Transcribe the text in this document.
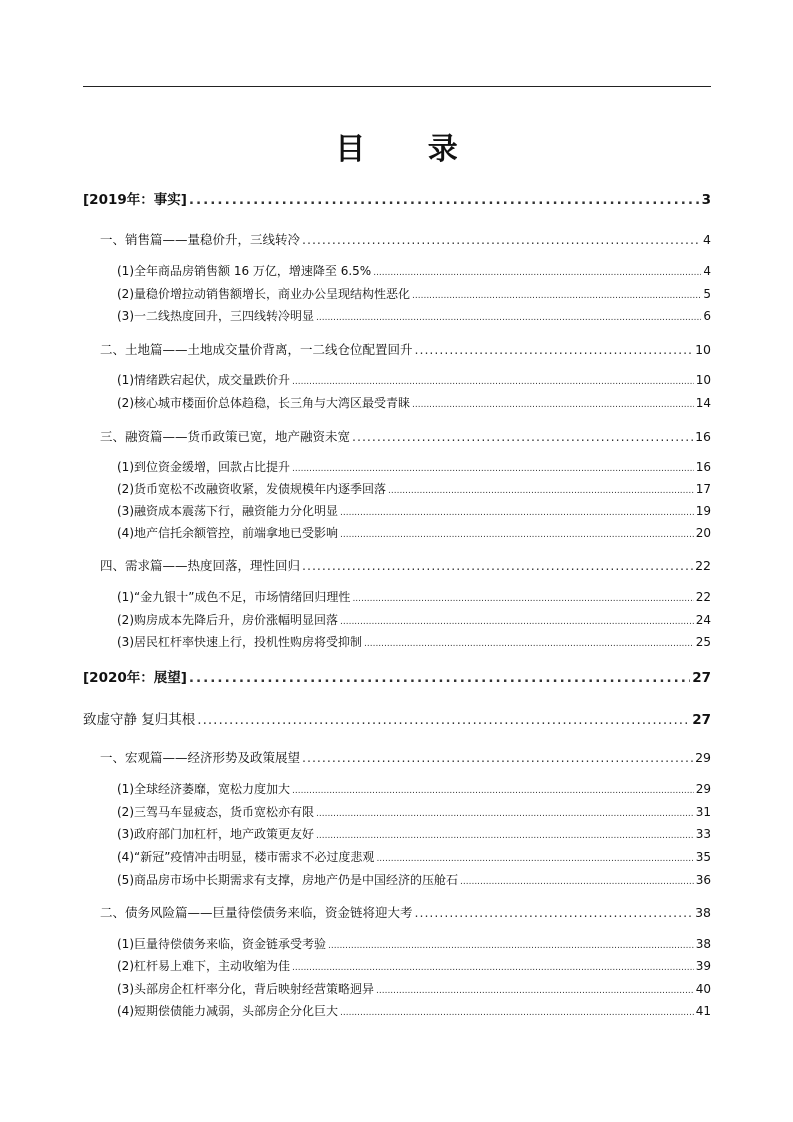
目 录
[2019年：事实] .....	3
一、销售篇——量稳价升，三线转冷 .....	4
(1)全年商品房销售额 16 万亿，增速降至 6.5% .....	4
(2)量稳价增拉动销售额增长，商业办公呈现结构性恶化 .....	5
(3)一二线热度回升，三四线转冷明显 .....	6
二、土地篇——土地成交量价背离，一二线仓位配置回升 .....	10
(1)情绪跌宕起伏，成交量跌价升 .....	10
(2)核心城市楼面价总体趋稳，长三角与大湾区最受青睐 .....	14
三、融资篇——货币政策已宽，地产融资未宽 .....	16
(1)到位资金缓增，回款占比提升 .....	16
(2)货币宽松不改融资收紧，发债规模年内逐季回落 .....	17
(3)融资成本震荡下行，融资能力分化明显 .....	19
(4)地产信托余额管控，前端拿地已受影响 .....	20
四、需求篇——热度回落，理性回归 .....	22
(1)“金九银十”成色不足，市场情绪回归理性 .....	22
(2)购房成本先降后升，房价涨幅明显回落 .....	24
(3)居民杠杆率快速上行，投机性购房将受抑制 .....	25
[2020年：展望] .....	27
致虚守静 复归其根 .....	27
一、宏观篇——经济形势及政策展望 .....	29
(1)全球经济萎靡，宽松力度加大 .....	29
(2)三驾马车显疲态，货币宽松亦有限 .....	31
(3)政府部门加杠杆，地产政策更友好 .....	33
(4)“新冠”疫情冲击明显，楼市需求不必过度悲观 .....	35
(5)商品房市场中长期需求有支撑，房地产仍是中国经济的压舱石 .....	36
二、债务风险篇——巨量待偿债务来临，资金链将迎大考 .....	38
(1)巨量待偿债务来临，资金链承受考验 .....	38
(2)杠杆易上难下，主动收缩为佳 .....	39
(3)头部房企杠杆率分化，背后映射经营策略迥异 .....	40
(4)短期偿债能力减弱，头部房企分化巨大 .....	41
